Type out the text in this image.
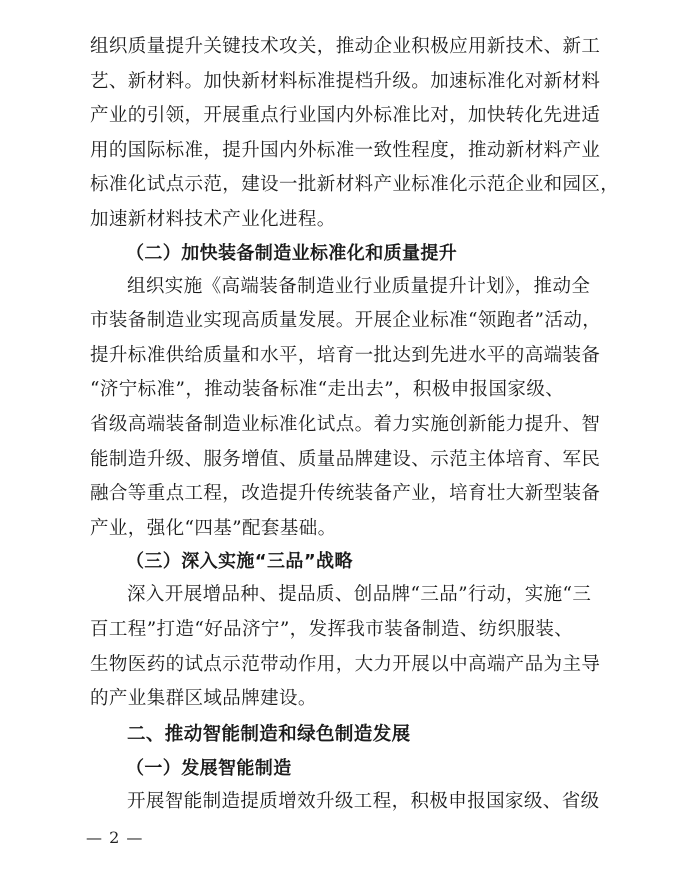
组织质量提升关键技术攻关，推动企业积极应用新技术、新工
艺、新材料。加快新材料标准提档升级。加速标准化对新材料
产业的引领，开展重点行业国内外标准比对，加快转化先进适
用的国际标准，提升国内外标准一致性程度，推动新材料产业
标准化试点示范，建设一批新材料产业标准化示范企业和园区，
加速新材料技术产业化进程。
（二）加快装备制造业标准化和质量提升
组织实施《高端装备制造业行业质量提升计划》，推动全
市装备制造业实现高质量发展。开展企业标准“领跑者”活动，
提升标准供给质量和水平，培育一批达到先进水平的高端装备
“济宁标准”，推动装备标准“走出去”，积极申报国家级、
省级高端装备制造业标准化试点。着力实施创新能力提升、智
能制造升级、服务增值、质量品牌建设、示范主体培育、军民
融合等重点工程，改造提升传统装备产业，培育壮大新型装备
产业，强化“四基”配套基础。
（三）深入实施“三品”战略
深入开展增品种、提品质、创品牌“三品”行动，实施“三
百工程”打造“好品济宁”，发挥我市装备制造、纺织服装、
生物医药的试点示范带动作用，大力开展以中高端产品为主导
的产业集群区域品牌建设。
二、推动智能制造和绿色制造发展
（一）发展智能制造
开展智能制造提质增效升级工程，积极申报国家级、省级
— 2 —
